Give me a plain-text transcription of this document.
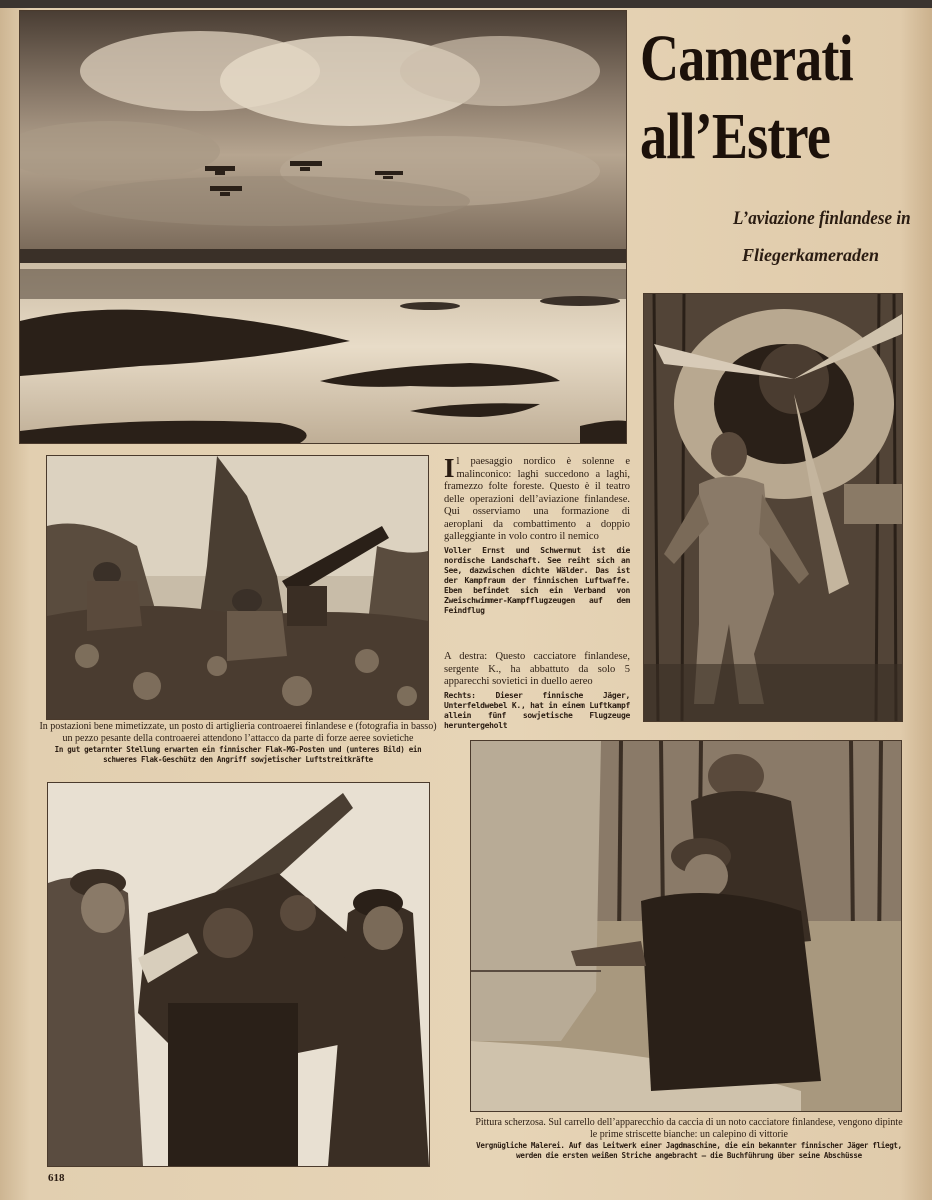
Camerati
all’Estre
L’aviazione finlandese in
Fliegerkameraden
Il paesaggio nordico è solenne e malinconico: laghi succedono a laghi, framezzo folte foreste. Questo è il teatro delle operazioni dell’aviazione finlandese. Qui osserviamo una formazione di aeroplani da combattimento a doppio galleggiante in volo contro il nemico
Voller Ernst und Schwermut ist die nordische Landschaft. See reiht sich an See, dazwischen dichte Wälder. Das ist der Kampfraum der finnischen Luftwaffe. Eben befindet sich ein Verband von Zweischwimmer-Kampfflugzeugen auf dem Feindflug
A destra: Questo cacciatore finlandese, sergente K., ha abbattuto da solo 5 apparecchi sovietici in duello aereo
Rechts: Dieser finnische Jäger, Unterfeldwebel K., hat in einem Luftkampf allein fünf sowjetische Flugzeuge heruntergeholt
In postazioni bene mimetizzate, un posto di artiglieria controaerei finlandese e (fotografia in basso) un pezzo pesante della controaerei attendono l’attacco da parte di forze aeree sovietiche
In gut getarnter Stellung erwarten ein finnischer Flak-MG-Posten und (unteres Bild) ein schweres Flak-Geschütz den Angriff sowjetischer Luftstreitkräfte
Pittura scherzosa. Sul carrello dell’apparecchio da caccia di un noto cacciatore finlandese, vengono dipinte le prime striscette bianche: un calepino di vittorie
Vergnügliche Malerei. Auf das Leitwerk einer Jagdmaschine, die ein bekannter finnischer Jäger fliegt, werden die ersten weißen Striche angebracht — die Buchführung über seine Abschüsse
618
